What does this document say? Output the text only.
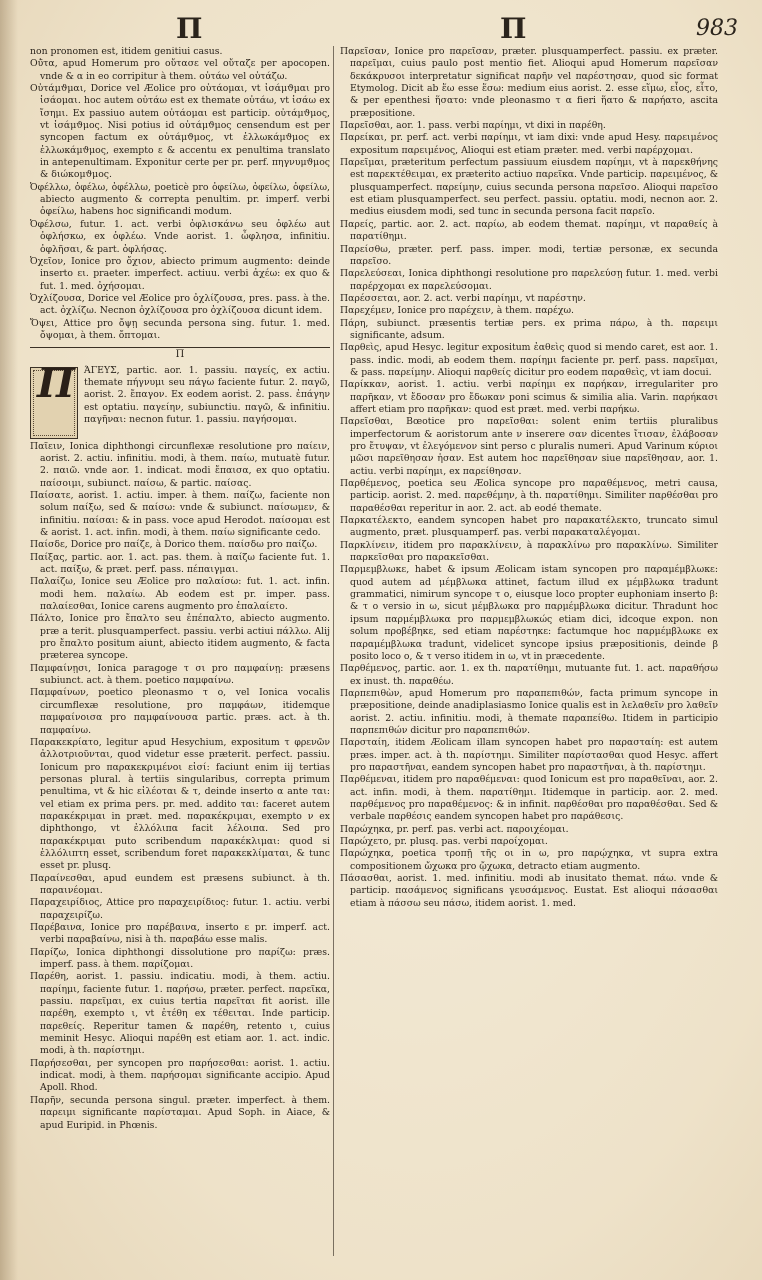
Π	Π	983
non pronomen est, itidem genitiui casus.
Οὐ̃τα, apud Homerum pro οὔτασε vel οὔταζε per apocopen. vnde & α in eo corripitur à them. οὐτάω vel οὐτάζω.
Οὐτάμϑμαι, Dorice vel Æolice pro οὐτάομαι, vt ἰσάμϑμαι pro ἰσάομαι. hoc autem οὐτάω est ex themate οὐτάω, vt ἰσάω ex ἴσημι. Ex passiuo autem οὐτάομαι est particip. οὐτάμϑμος, vt ἰσάμϑμος. Nisi potius id οὐτάμϑμος censendum est per syncopen factum ex οὐτάμϑμος, vt ἐλλωκάμϑμος ex ἐλλωκάμϑμος, exempto ε & accentu ex penultima translato in antepenultimam. Exponitur certe per pr. perf. πηγνυμϑμος & διώκομϑμος.
Ὀφέλλω, ὀφέλω, ὀφέλλω, poeticè pro ὀφείλω, ὀφείλω, ὀφείλω, abiecto augmento & correpta penultim. pr. imperf. verbi ὀφείλω, habens hoc significandi modum.
Ὀφέλσω, futur. 1. act. verbi ὀφλισκάνω seu ὀφλέω aut ὀφλήσκω, ex ὀφλέω. Vnde aorist. 1. ὦφλησα, infinitiu. ὀφλῆσαι, & part. ὀφλήσας.
Ὀχεῖον, Ionice pro ὄχιον, abiecto primum augmento: deinde inserto ει. praeter. imperfect. actiuu. verbi ἀχέω: ex quo & fut. 1. med. ὀχήσομαι.
Ὀχλίζουσα, Dorice vel Æolice pro ὀχλίζουσα, pres. pass. à the. act. ὀχλίζω. Necnon ὀχλίζουσα pro ὀχλίζουσα dicunt idem.
Ὄψει, Attice pro ὄψῃ secunda persona sing. futur. 1. med. ὄψομαι, à them. ὄπτομαι.
Π
Π ΆΓΕΥΣ, partic. aor. 1. passiu. παγείς, ex actiu. themate πήγνυμι seu πάγω faciente futur. 2. παγῶ, aorist. 2. ἔπαγον. Ex eodem aorist. 2. pass. ἐπάγην est optatiu. παγείην, subiunctiu. παγῶ, & infinitiu. παγῆναι: necnon futur. 1. passiu. παγήσομαι.
Παῖειν, Ionica diphthongi circunflexæ resolutione pro παίειν, aorist. 2. actiu. infinitiu. modi, à them. παίω, mutuatè futur. 2. παιῶ. vnde aor. 1. indicat. modi ἔπαισα, ex quo optatiu. παίσοιμι, subiunct. παίσω, & partic. παίσας.
Παίσατε, aorist. 1. actiu. imper. à them. παίζω, faciente non solum παίξω, sed & παίσω: vnde & subiunct. παίσωμεν, & infinitiu. παίσαι: & in pass. voce apud Herodot. παίσομαι est & aorist. 1. act. infin. modi, à them. παίω significante cedo.
Παίσδε, Dorice pro παίζε, à Dorico them. παίσδω pro παίζω.
Παίξας, partic. aor. 1. act. pas. them. à παίζω faciente fut. 1. act. παίξω, & præt. perf. pass. πέπαιγμαι.
Παλαίζω, Ionice seu Æolice pro παλαίσω: fut. 1. act. infin. modi hem. παλαίω. Ab eodem est pr. imper. pass. παλαίεσθαι, Ionice carens augmento pro ἐπαλαίετο.
Πάλτο, Ionice pro ἔπαλτο seu ἐπέπαλτο, abiecto augmento. præ a terit. plusquamperfect. passiu. verbi actiui πάλλω. Alij pro ἔπαλτο positum aiunt, abiecto itidem augmento, & facta præterea syncope.
Παμφαίνῃσι, Ionica paragoge τ σι pro παμφαίνῃ: præsens subiunct. act. à them. poetico παμφαίνω.
Παμφαίνων, poetico pleonasmo τ ο, vel Ionica vocalis circumflexæ resolutione, pro παμφάων, itidemque παμφαίνοισα pro παμφαίνουσα partic. præs. act. à th. παμφαίνω.
Παρακεκρίατο, legitur apud Hesychium, expositum τ φρενῶν ἀλλοτριοῦνται, quod videtur esse præterit. perfect. passiu. Ionicum pro παρακεκριμένοι εἰσί: faciunt enim iij tertias personas plural. à tertiis singularibus, correpta primum penultima, vt & hic εἰλέοται & τ, deinde inserto α ante ται: vel etiam ex prima pers. pr. med. addito ται: faceret autem παρακέκριμαι in præt. med. παρακέκριμαι, exempto ν ex diphthongo, vt ἐλλόλιπα facit λέλοιπα. Sed pro παρακέκριμαι puto scribendum παρακέκλιμαι: quod si ἐλλόλιπτη esset, scribendum foret παρακεκλίμαται, & tunc esset pr. plusq.
Παραίνεσθαι, apud eundem est præsens subiunct. à th. παραινέομαι.
Παραχειρίδιος, Attice pro παραχειρίδιος: futur. 1. actiu. verbi παραχειρίζω.
Παρέβαινα, Ionice pro παρέβαινα, inserto ε pr. imperf. act. verbi παραβαίνω, nisi à th. παραβάω esse malis.
Παρίζω, Ionica diphthongi dissolutione pro παρίζω: præs. imperf. pass. à them. παρίζομαι.
Παρέθη, aorist. 1. passiu. indicatiu. modi, à them. actiu. παρίημι, faciente futur. 1. παρήσω, præter. perfect. παρεῖκα, passiu. παρεῖμαι, ex cuius tertia παρεῖται fit aorist. ille παρέθη, exempto ι, vt ἐτέθη ex τέθειται. Inde particip. παρεθείς. Reperitur tamen & παρέθη, retento ι, cuius meminit Hesyc. Alioqui παρέθη est etiam aor. 1. act. indic. modi, à th. παρίστημι.
Παρήσεσθαι, per syncopen pro παρήσεσθαι: aorist. 1. actiu. indicat. modi, à them. παρήσομαι significante accipio. Apud Apoll. Rhod.
Παρῆν, secunda persona singul. præter. imperfect. à them. παρειμι significante παρίσταμαι. Apud Soph. in Aiace, & apud Euripid. in Phœnis.
Παρεῖσαν, Ionice pro παρεῖσαν, præter. plusquamperfect. passiu. ex præter. παρεῖμαι, cuius paulo post mentio fiet. Alioqui apud Homerum παρεῖσαν δεκάκρυσοι interpretatur significat παρῆν vel παρέστησαν, quod sic format Etymolog. Dicit ab ἕω esse ἕσω: medium eius aorist. 2. esse εἵμω, εἷος, εἷτο, & per epenthesi ἥσατο: vnde pleonasmo τ α fieri ἥατο & παρήατο, ascita præpositione.
Παρεῖσθαι, aor. 1. pass. verbi παρίημι, vt dixi in παρέθη.
Παρείκαι, pr. perf. act. verbi παρίημι, vt iam dixi: vnde apud Hesy. παρειμένος expositum παρειμένος, Alioqui est etiam præter. med. verbi παρέρχομαι.
Παρεῖμαι, præteritum perfectum passiuum eiusdem παρίημι, vt à παρεκθήνης est παρεκτέθειμαι, ex præterito actiuo παρεῖκα. Vnde particip. παρειμένος, & plusquamperfect. παρείμην, cuius secunda persona παρεῖσο. Alioqui παρεῖσο est etiam plusquamperfect. seu perfect. passiu. optatiu. modi, necnon aor. 2. medius eiusdem modi, sed tunc in secunda persona facit παρεῖο.
Παρείς, partic. aor. 2. act. παρίω, ab eodem themat. παρίημι, vt παραθείς à παρατίθημι.
Παρείσθω, præter. perf. pass. imper. modi, tertiæ personæ, ex secunda παρεῖσο.
Παρελεύσεαι, Ionica diphthongi resolutione pro παρελεύσῃ futur. 1. med. verbi παρέρχομαι ex παρελεύσομαι.
Παρέσσεται, aor. 2. act. verbi παρίημι, vt παρέστην.
Παρεχέμεν, Ionice pro παρέχειν, à them. παρέχω.
Πάρη, subiunct. præsentis tertiæ pers. ex prima πάρω, à th. παρειμι significante, adsum.
Παρθεὶς, apud Hesyc. legitur expositum ἐαθεὶς quod si mendo caret, est aor. 1. pass. indic. modi, ab eodem them. παρίημι faciente pr. perf. pass. παρεῖμαι, & pass. παρείμην. Alioqui παρθείς dicitur pro eodem παραθεὶς, vt iam docui.
Παρίκκαν, aorist. 1. actiu. verbi παρίημι ex παρήκαν, irregulariter pro παρῆκαν, vt ἔδοσαν pro ἔδωκαν poni scimus & similia alia. Varin. παρήκασι affert etiam pro παρῆκαν: quod est præt. med. verbi παρήκω.
Παρεῖσθαι, Bœotice pro παρεῖσθαι: solent enim tertiis pluralibus imperfectorum & aoristorum ante ν inserere σαν dicentes ἴτισαν, ἐλάβοσαν pro ἔτυψαν, vt ἐλεγόμενον sint perso c pluralis numeri. Apud Varinum κύριοι μῶσι παρεῖθησαν ἡσαν. Est autem hoc παρεῖθησαν siue παρεῖθησαν, aor. 1. actiu. verbi παρίημι, ex παρείθησαν.
Παρθέμενος, poetica seu Æolica syncope pro παραθέμενος, metri causa, particip. aorist. 2. med. παρεθέμην, à th. παρατίθημι. Similiter παρθέσθαι pro παραθέσθαι reperitur in aor. 2. act. ab eodé themate.
Παρκατέλεκτο, eandem syncopen habet pro παρακατέλεκτο, truncato simul augmento, præt. plusquamperf. pas. verbi παρακαταλέγομαι.
Παρκλίνειν, itidem pro παρακλίνειν, à παρακλίνω pro παρακλίνω. Similiter παρκεῖσθαι pro παρακεῖσθαι.
Παρμεμβλωκε, habet & ipsum Æolicam istam syncopen pro παραμέμβλωκε: quod autem ad μέμβλωκα attinet, factum illud ex μέμβλωκα tradunt grammatici, nimirum syncope τ ο, eiusque loco propter euphoniam inserto β: & τ ο versio in ω, sicut μέμβλωκα pro παρμέμβλωκα dicitur. Thradunt hoc ipsum παρμέμβλωκα pro παρμεμβλωκώς etiam dici, idcoque expon. non solum προβέβηκε, sed etiam παρέστηκε: factumque hoc παρμέμβλωκε ex παραμέμβλωκα tradunt, videlicet syncope ipsius præpositionis, deinde β posito loco ο, & τ verso itidem in ω, vt in præcedente.
Παρθέμενος, partic. aor. 1. ex th. παρατίθημι, mutuante fut. 1. act. παραθήσω ex inust. th. παραθέω.
Παρπεπιθὼν, apud Homerum pro παραπεπιθών, facta primum syncope in præpositione, deinde anadiplasiasmo Ionice qualis est in λελαθεῖν pro λαθεῖν aorist. 2. actiu. infinitiu. modi, à themate παραπείθω. Itidem in participio παρπεπιθών dicitur pro παραπεπιθών.
Παρσταίη, itidem Æolicam illam syncopen habet pro παρασταίη: est autem præs. imper. act. à th. παρίστημι. Similiter παρίστασθαι quod Hesyc. affert pro παραστῆναι, eandem syncopen habet pro παραστῆναι, à th. παρίστημι.
Παρθέμεναι, itidem pro παραθέμεναι: quod Ionicum est pro παραθεῖναι, aor. 2. act. infin. modi, à them. παρατίθημι. Itidemque in particip. aor. 2. med. παρθέμενος pro παραθέμενος: & in infinit. παρθέσθαι pro παραθέσθαι. Sed & verbale παρθέσις eandem syncopen habet pro παράθεσις.
Παρώχηκα, pr. perf. pas. verbi act. παροιχέομαι.
Παρώχετο, pr. plusq. pas. verbi παροίχομαι.
Παρώχηκα, poetica τροπῇ τῆς οι in ω, pro παρῴχηκα, vt supra extra compositionem ὤχωκα pro ᾤχωκα, detracto etiam augmento.
Πάσασθαι, aorist. 1. med. infinitiu. modi ab inusitato themat. πάω. vnde & particip. πασάμενος significans γευσάμενος. Eustat. Est alioqui πάσασθαι etiam à πάσσω seu πάσω, itidem aorist. 1. med.
